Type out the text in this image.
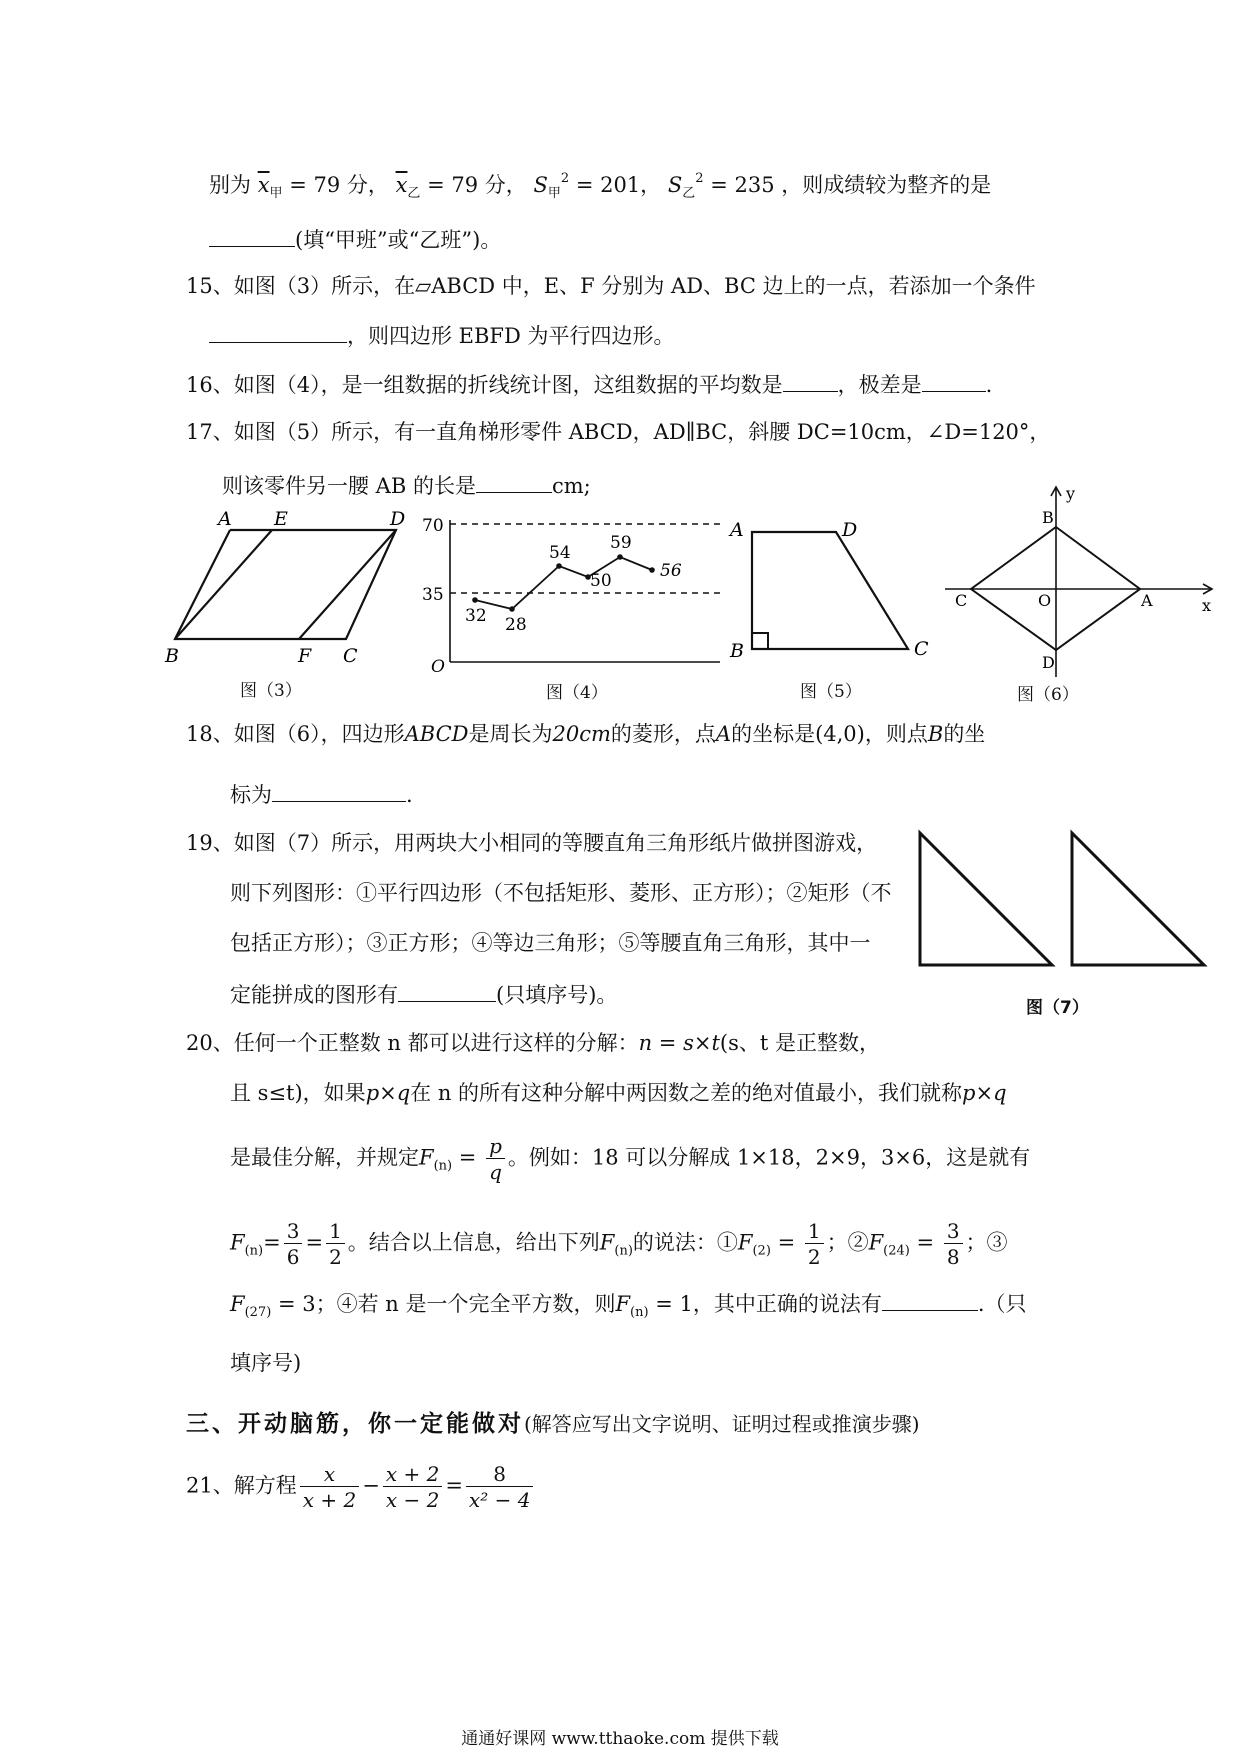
别为 $\overline{x}_甲 = 79$ 分， $\overline{x}_乙 = 79$ 分， $S_甲^2 = 201$， $S_乙^2 = 235$ ，则成绩较为整齐的是
(填“甲班”或“乙班”)。
15、如图（3）所示，在▱ABCD 中，E、F 分别为 AD、BC 边上的一点，若添加一个条件
，则四边形 EBFD 为平行四边形。
16、如图（4），是一组数据的折线统计图，这组数据的平均数是	，极差是	.
17、如图（5）所示，有一直角梯形零件 ABCD，AD∥BC，斜腰 DC=10cm，∠D=120°，
则该零件另一腰 AB 的长是	cm;
A E	D
B	F C
图（3）
70
35
O
32 28
54
50
59
56
图（4）
A	D
B	C
图（5）
y
x
B
C	O	A
D
图（6）
18、如图（6），四边形ABCD是周长为20cm的菱形，点A的坐标是(4,0)，则点B的坐
标为	.
19、如图（7）所示，用两块大小相同的等腰直角三角形纸片做拼图游戏，
则下列图形：①平行四边形（不包括矩形、菱形、正方形）；②矩形（不
包括正方形）；③正方形；④等边三角形；⑤等腰直角三角形，其中一
定能拼成的图形有	(只填序号)。
图（7）
20、任何一个正整数 n 都可以进行这样的分解：n = s×t(s、t 是正整数，
且 s≤t)，如果p×q在 n 的所有这种分解中两因数之差的绝对值最小，我们就称p×q
是最佳分解，并规定$F_{(n)} = \frac{p}{q}$ 。例如：18 可以分解成 1×18，2×9，3×6，这是就有
$F_{(n)}= \frac{3}{6} = \frac{1}{2}$ 。结合以上信息，给出下列$F_{(n)}$的说法：$①F_{(2)} = \frac{1}{2}$ ；$②F_{(24)} = \frac{3}{8}$ ；③
$F_{(27)} = 3$；④若 n 是一个完全平方数，则$F_{(n)} = 1$，其中正确的说法有	.（只
填序号)
三、开动脑筋，你一定能做对(解答应写出文字说明、证明过程或推演步骤)
21、解方程 $\frac{x}{x + 2} - \frac{x + 2}{x - 2} = \frac{8}{\text{x² − 4}}$
通通好课网 www.tthaoke.com 提供下载
